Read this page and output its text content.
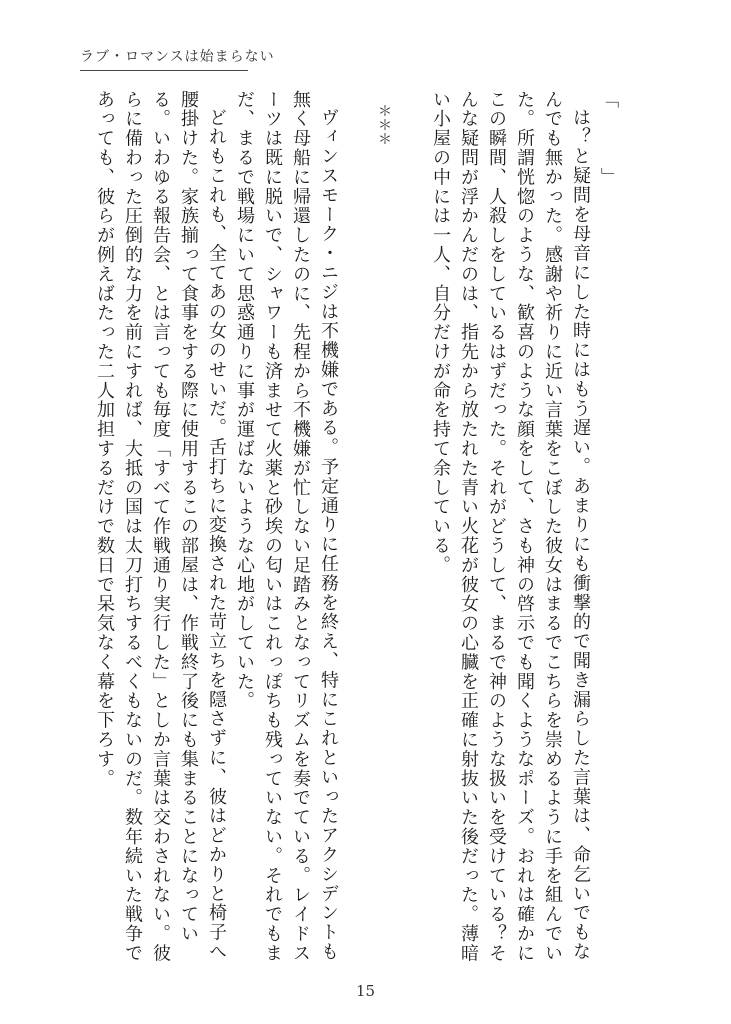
ラブ・ロマンスは始まらない

「　　　」

は？と疑問を母音にした時にはもう遅い。あまりにも衝撃的で聞き漏らした言葉は、命乞いでもなんでも無かった。感謝や祈りに近い言葉をこぼした彼女はまるでこちらを崇めるように手を組んでいた。所謂恍惚のような、歓喜のような顔をして、さも神の啓示でも聞くようなポーズ。おれは確かにこの瞬間、人殺しをしているはずだった。それがどうして、まるで神のような扱いを受けている？そんな疑問が浮かんだのは、指先から放たれた青い火花が彼女の心臓を正確に射抜いた後だった。薄暗い小屋の中には一人、自分だけが命を持て余している。

＊＊＊

ヴィンスモーク・ニジは不機嫌である。予定通りに任務を終え、特にこれといったアクシデントも無く母船に帰還したのに、先程から不機嫌が忙しない足踏みとなってリズムを奏でている。レイドスーツは既に脱いで、シャワーも済ませて火薬と砂埃の匂いはこれっぽちも残っていない。それでもまだ、まるで戦場にいて思惑通りに事が運ばないような心地がしていた。

どれもこれも、全てあの女のせいだ。舌打ちに変換された苛立ちを隠さずに、彼はどかりと椅子へ腰掛けた。家族揃って食事をする際に使用するこの部屋は、作戦終了後にも集まることになっている。いわゆる報告会、とは言っても毎度「すべて作戦通り実行した」としか言葉は交わされない。彼らに備わった圧倒的な力を前にすれば、大抵の国は太刀打ちするべくもないのだ。数年続いた戦争であっても、彼らが例えばたった二人加担するだけで数日で呆気なく幕を下ろす。

15
